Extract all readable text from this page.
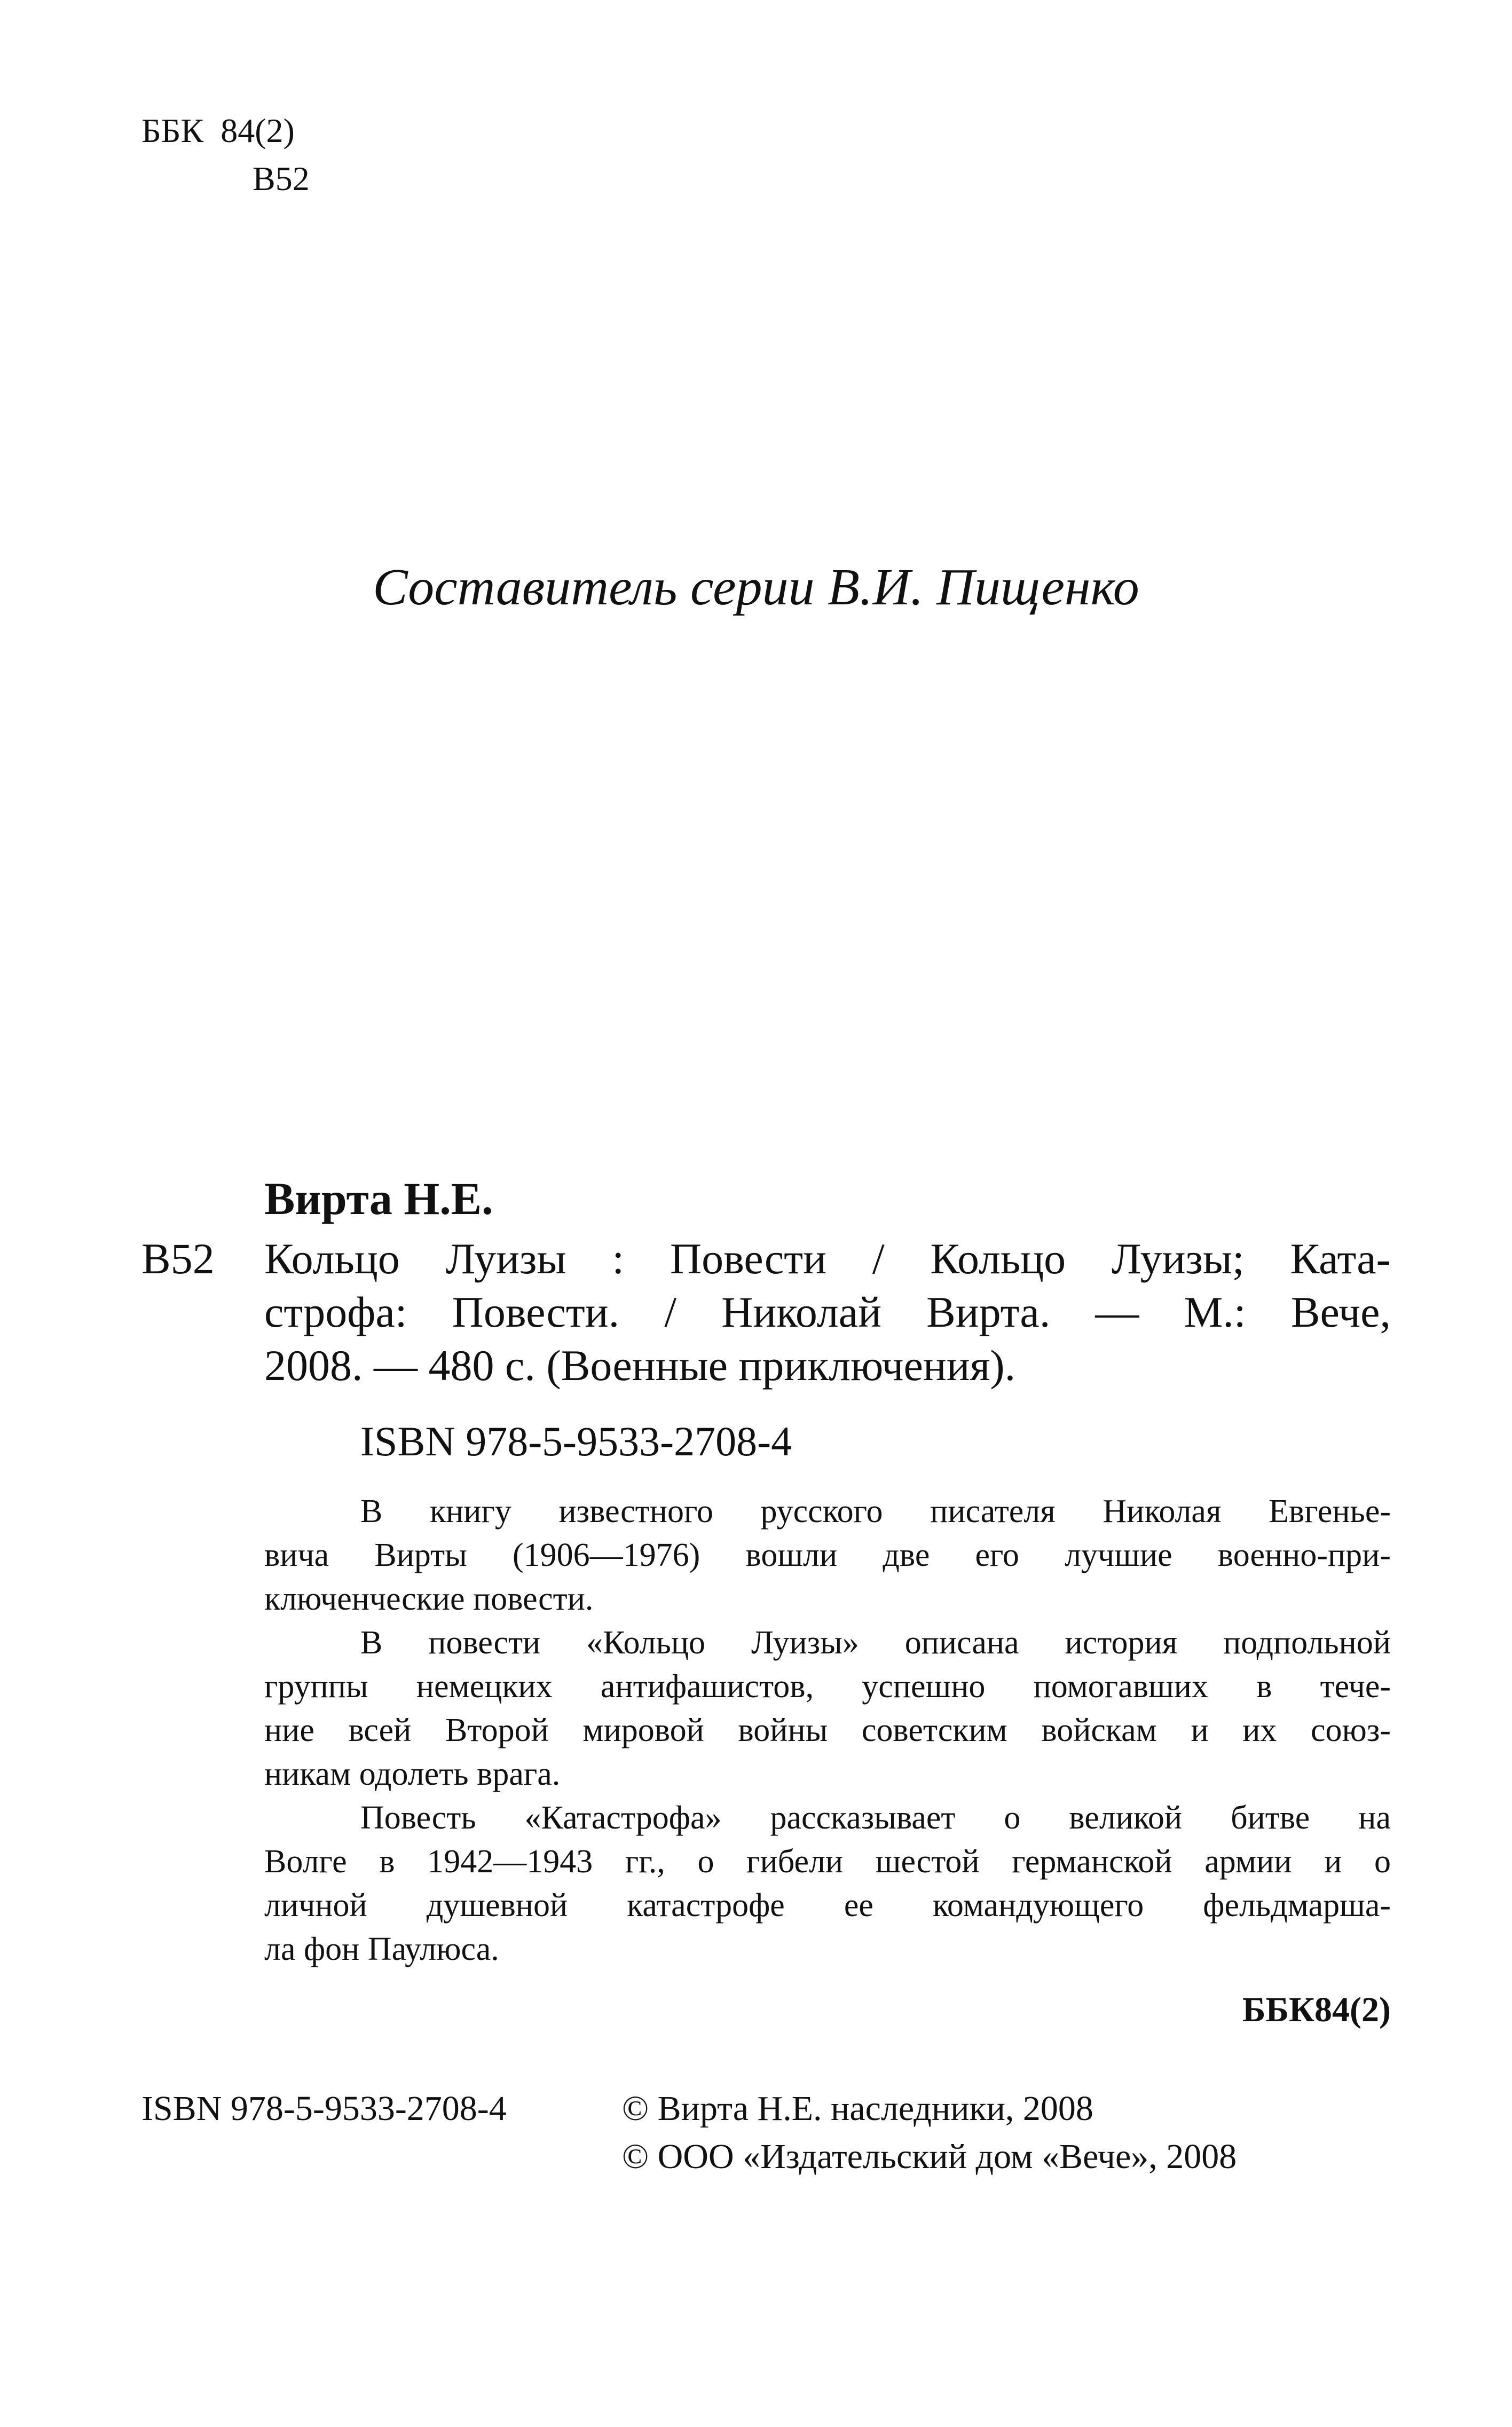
ББК 84(2)
В52
Составитель серии В.И. Пищенко
Вирта Н.Е.
В52 Кольцо Луизы : Повести / Кольцо Луизы; Ката-
строфа: Повести. / Николай Вирта. — М.: Вече,
2008. — 480 с. (Военные приключения).
ISBN 978-5-9533-2708-4
В книгу известного русского писателя Николая Евгенье-
вича Вирты (1906—1976) вошли две его лучшие военно-при-
ключенческие повести.
В повести «Кольцо Луизы» описана история подпольной
группы немецких антифашистов, успешно помогавших в тече-
ние всей Второй мировой войны советским войскам и их союз-
никам одолеть врага.
Повесть «Катастрофа» рассказывает о великой битве на
Волге в 1942—1943 гг., о гибели шестой германской армии и о
личной душевной катастрофе ее командующего фельдмарша-
ла фон Паулюса.
ББК84(2)
ISBN 978-5-9533-2708-4	© Вирта Н.Е. наследники, 2008
© ООО «Издательский дом «Вече», 2008
